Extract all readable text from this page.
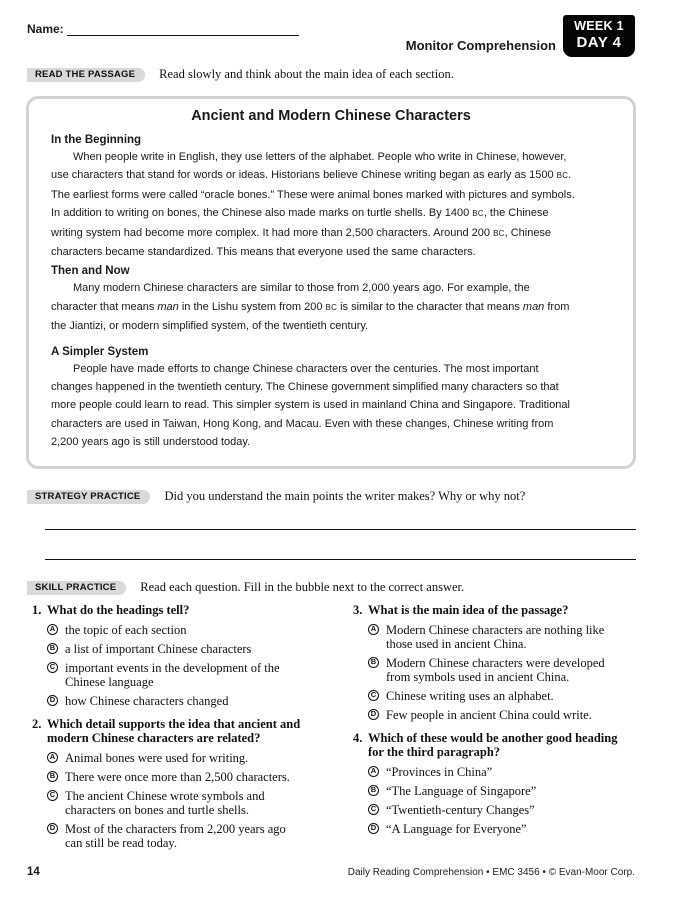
Name:
Monitor Comprehension
WEEK 1
DAY 4
READ THE PASSAGE	Read slowly and think about the main idea of each section.
Ancient and Modern Chinese Characters
In the Beginning
When people write in English, they use letters of the alphabet. People who write in Chinese, however,
use characters that stand for words or ideas. Historians believe Chinese writing began as early as 1500 BC.
The earliest forms were called “oracle bones.” These were animal bones marked with pictures and symbols.
In addition to writing on bones, the Chinese also made marks on turtle shells. By 1400 BC, the Chinese
writing system had become more complex. It had more than 2,500 characters. Around 200 BC, Chinese
characters became standardized. This means that everyone used the same characters.
Then and Now
Many modern Chinese characters are similar to those from 2,000 years ago. For example, the
character that means man in the Lishu system from 200 BC is similar to the character that means man from
the Jiantizi, or modern simplified system, of the twentieth century.
A Simpler System
People have made efforts to change Chinese characters over the centuries. The most important
changes happened in the twentieth century. The Chinese government simplified many characters so that
more people could learn to read. This simpler system is used in mainland China and Singapore. Traditional
characters are used in Taiwan, Hong Kong, and Macau. Even with these changes, Chinese writing from
2,200 years ago is still understood today.
STRATEGY PRACTICE	Did you understand the main points the writer makes? Why or why not?
SKILL PRACTICE	Read each question. Fill in the bubble next to the correct answer.
1. What do the headings tell?
A the topic of each section
B a list of important Chinese characters
C important events in the development of the Chinese language
D how Chinese characters changed
2. Which detail supports the idea that ancient and modern Chinese characters are related?
A Animal bones were used for writing.
B There were once more than 2,500 characters.
C The ancient Chinese wrote symbols and characters on bones and turtle shells.
D Most of the characters from 2,200 years ago can still be read today.
3. What is the main idea of the passage?
A Modern Chinese characters are nothing like those used in ancient China.
B Modern Chinese characters were developed from symbols used in ancient China.
C Chinese writing uses an alphabet.
D Few people in ancient China could write.
4. Which of these would be another good heading for the third paragraph?
A “Provinces in China”
B “The Language of Singapore”
C “Twentieth-century Changes”
D “A Language for Everyone”
14	Daily Reading Comprehension • EMC 3456 • © Evan-Moor Corp.
